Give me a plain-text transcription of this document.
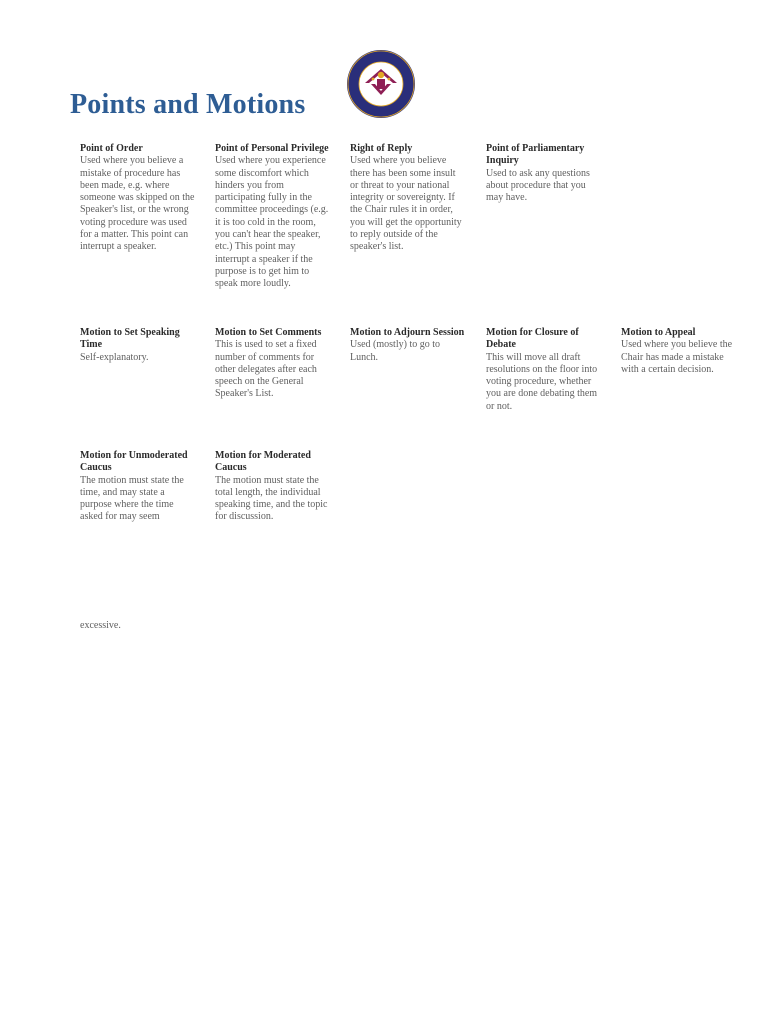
Points and Motions
Point of Order
Used where you believe a mistake of procedure has been made, e.g. where someone was skipped on the Speaker's list, or the wrong voting procedure was used for a matter. This point can interrupt a speaker.
Point of Personal Privilege
Used where you experience some discomfort which hinders you from participating fully in the committee proceedings (e.g. it is too cold in the room, you can't hear the speaker, etc.) This point may interrupt a speaker if the purpose is to get him to speak more loudly.
Right of Reply
Used where you believe there has been some insult or threat to your national integrity or sovereignty. If the Chair rules it in order, you will get the opportunity to reply outside of the speaker's list.
Point of Parliamentary Inquiry
Used to ask any questions about procedure that you may have.
Motion to Set Speaking Time
Self-explanatory.
Motion to Set Comments
This is used to set a fixed number of comments for other delegates after each speech on the General Speaker's List.
Motion to Adjourn Session
Used (mostly) to go to Lunch.
Motion for Closure of Debate
This will move all draft resolutions on the floor into voting procedure, whether you are done debating them or not.
Motion to Appeal
Used where you believe the Chair has made a mistake with a certain decision.
Motion for Unmoderated Caucus
The motion must state the time, and may state a purpose where the time asked for may seem
Motion for Moderated Caucus
The motion must state the total length, the individual speaking time, and the topic for discussion.
excessive.
